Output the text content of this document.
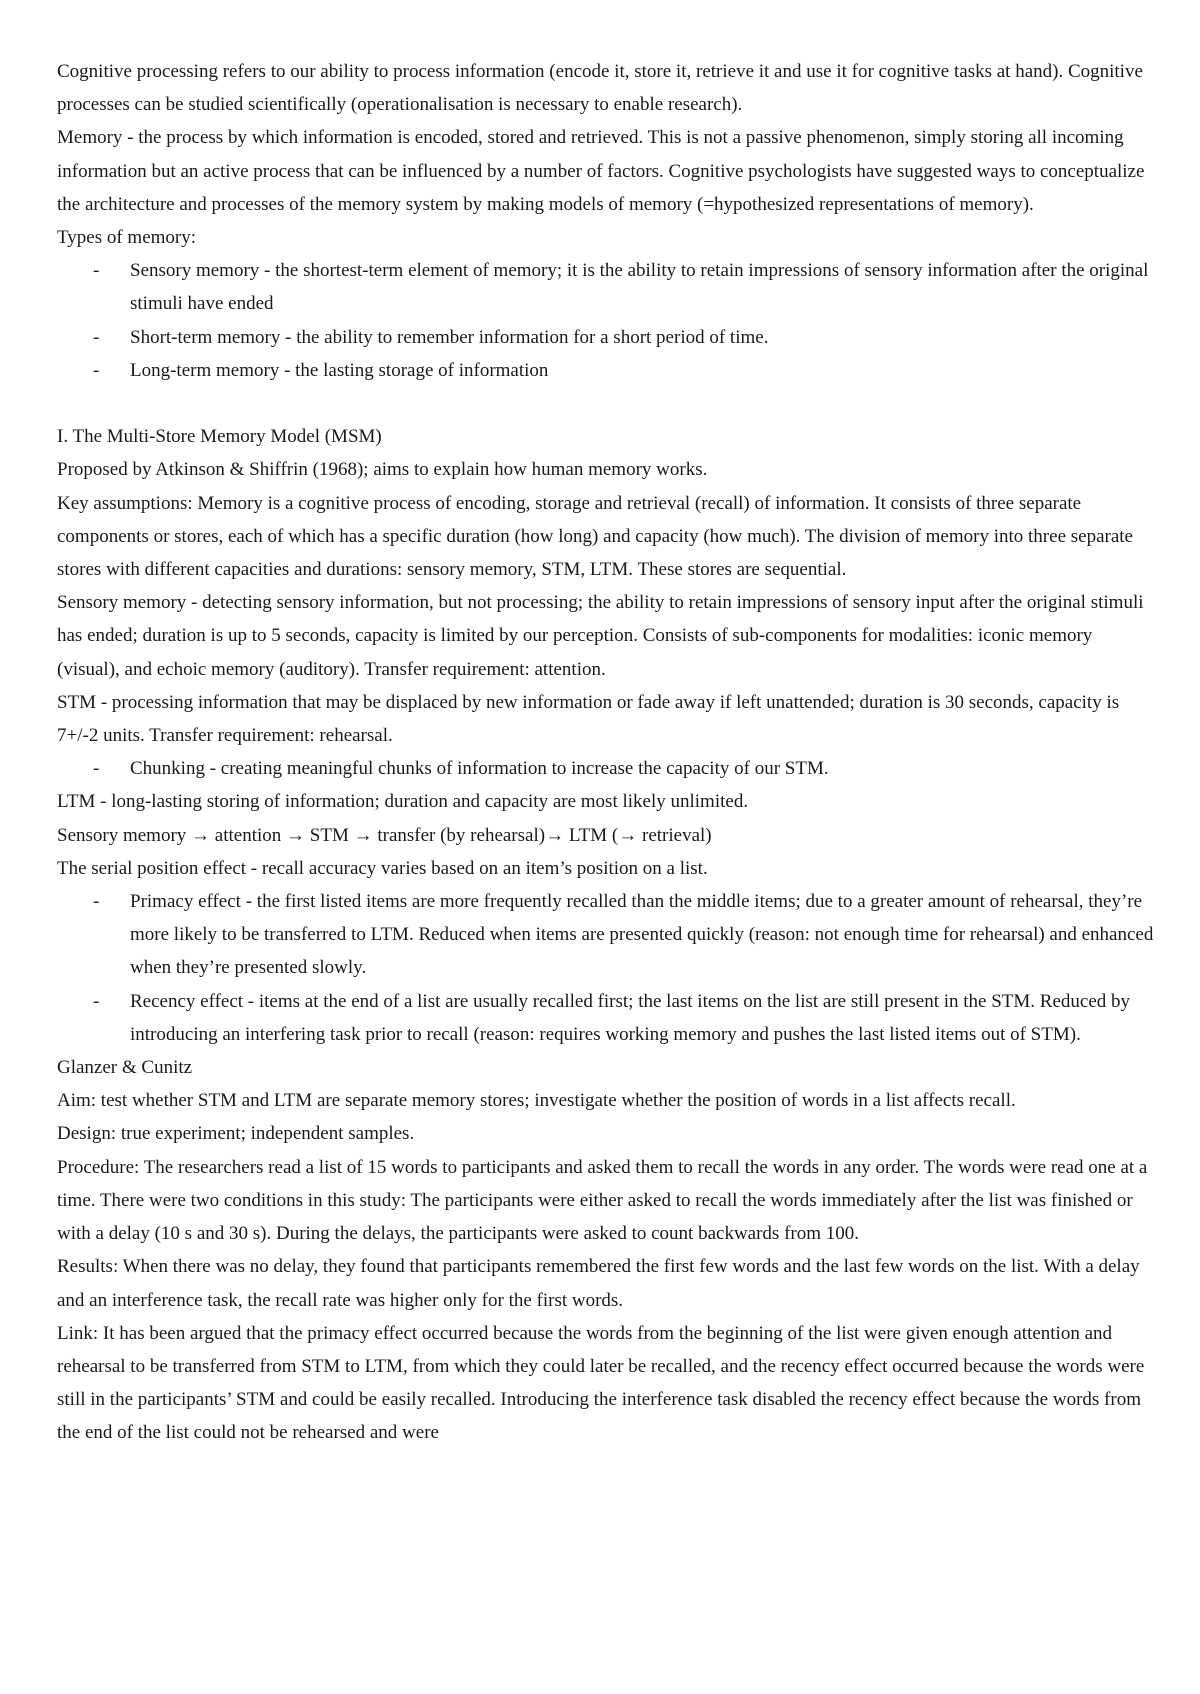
Cognitive processing refers to our ability to process information (encode it, store it, retrieve it and use it for cognitive tasks at hand). Cognitive processes can be studied scientifically (operationalisation is necessary to enable research).

Memory - the process by which information is encoded, stored and retrieved. This is not a passive phenomenon, simply storing all incoming information but an active process that can be influenced by a number of factors. Cognitive psychologists have suggested ways to conceptualize the architecture and processes of the memory system by making models of memory (=hypothesized representations of memory).

Types of memory:

- Sensory memory - the shortest-term element of memory; it is the ability to retain impressions of sensory information after the original stimuli have ended
- Short-term memory - the ability to remember information for a short period of time.
- Long-term memory - the lasting storage of information

I. The Multi-Store Memory Model (MSM)

Proposed by Atkinson & Shiffrin (1968); aims to explain how human memory works.

Key assumptions: Memory is a cognitive process of encoding, storage and retrieval (recall) of information. It consists of three separate components or stores, each of which has a specific duration (how long) and capacity (how much). The division of memory into three separate stores with different capacities and durations: sensory memory, STM, LTM. These stores are sequential.

Sensory memory - detecting sensory information, but not processing; the ability to retain impressions of sensory input after the original stimuli has ended; duration is up to 5 seconds, capacity is limited by our perception. Consists of sub-components for modalities: iconic memory (visual), and echoic memory (auditory). Transfer requirement: attention.

STM - processing information that may be displaced by new information or fade away if left unattended; duration is 30 seconds, capacity is 7+/-2 units. Transfer requirement: rehearsal.

- Chunking - creating meaningful chunks of information to increase the capacity of our STM.

LTM - long-lasting storing of information; duration and capacity are most likely unlimited.

Sensory memory → attention → STM → transfer (by rehearsal)→ LTM (→ retrieval)

The serial position effect - recall accuracy varies based on an item’s position on a list.

- Primacy effect - the first listed items are more frequently recalled than the middle items; due to a greater amount of rehearsal, they’re more likely to be transferred to LTM. Reduced when items are presented quickly (reason: not enough time for rehearsal) and enhanced when they’re presented slowly.
- Recency effect - items at the end of a list are usually recalled first; the last items on the list are still present in the STM. Reduced by introducing an interfering task prior to recall (reason: requires working memory and pushes the last listed items out of STM).

Glanzer & Cunitz

Aim: test whether STM and LTM are separate memory stores; investigate whether the position of words in a list affects recall.

Design: true experiment; independent samples.

Procedure: The researchers read a list of 15 words to participants and asked them to recall the words in any order. The words were read one at a time. There were two conditions in this study: The participants were either asked to recall the words immediately after the list was finished or with a delay (10 s and 30 s). During the delays, the participants were asked to count backwards from 100.

Results: When there was no delay, they found that participants remembered the first few words and the last few words on the list. With a delay and an interference task, the recall rate was higher only for the first words.

Link: It has been argued that the primacy effect occurred because the words from the beginning of the list were given enough attention and rehearsal to be transferred from STM to LTM, from which they could later be recalled, and the recency effect occurred because the words were still in the participants’ STM and could be easily recalled. Introducing the interference task disabled the recency effect because the words from the end of the list could not be rehearsed and were
